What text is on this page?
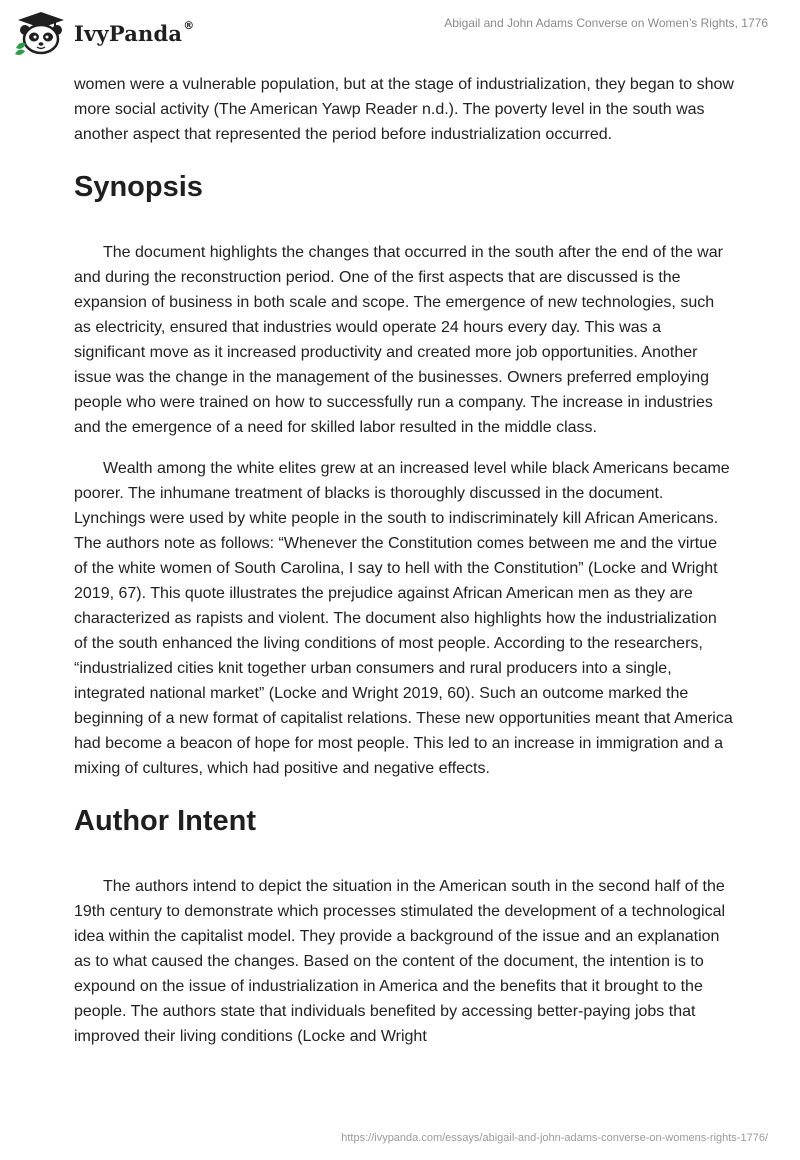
IvyPanda®	Abigail and John Adams Converse on Women’s Rights, 1776

women were a vulnerable population, but at the stage of industrialization, they began to show more social activity (The American Yawp Reader n.d.). The poverty level in the south was another aspect that represented the period before industrialization occurred.

Synopsis

The document highlights the changes that occurred in the south after the end of the war and during the reconstruction period. One of the first aspects that are discussed is the expansion of business in both scale and scope. The emergence of new technologies, such as electricity, ensured that industries would operate 24 hours every day. This was a significant move as it increased productivity and created more job opportunities. Another issue was the change in the management of the businesses. Owners preferred employing people who were trained on how to successfully run a company. The increase in industries and the emergence of a need for skilled labor resulted in the middle class.

Wealth among the white elites grew at an increased level while black Americans became poorer. The inhumane treatment of blacks is thoroughly discussed in the document. Lynchings were used by white people in the south to indiscriminately kill African Americans. The authors note as follows: “Whenever the Constitution comes between me and the virtue of the white women of South Carolina, I say to hell with the Constitution” (Locke and Wright 2019, 67). This quote illustrates the prejudice against African American men as they are characterized as rapists and violent. The document also highlights how the industrialization of the south enhanced the living conditions of most people. According to the researchers, “industrialized cities knit together urban consumers and rural producers into a single, integrated national market” (Locke and Wright 2019, 60). Such an outcome marked the beginning of a new format of capitalist relations. These new opportunities meant that America had become a beacon of hope for most people. This led to an increase in immigration and a mixing of cultures, which had positive and negative effects.

Author Intent

The authors intend to depict the situation in the American south in the second half of the 19th century to demonstrate which processes stimulated the development of a technological idea within the capitalist model. They provide a background of the issue and an explanation as to what caused the changes. Based on the content of the document, the intention is to expound on the issue of industrialization in America and the benefits that it brought to the people. The authors state that individuals benefited by accessing better-paying jobs that improved their living conditions (Locke and Wright

https://ivypanda.com/essays/abigail-and-john-adams-converse-on-womens-rights-1776/
